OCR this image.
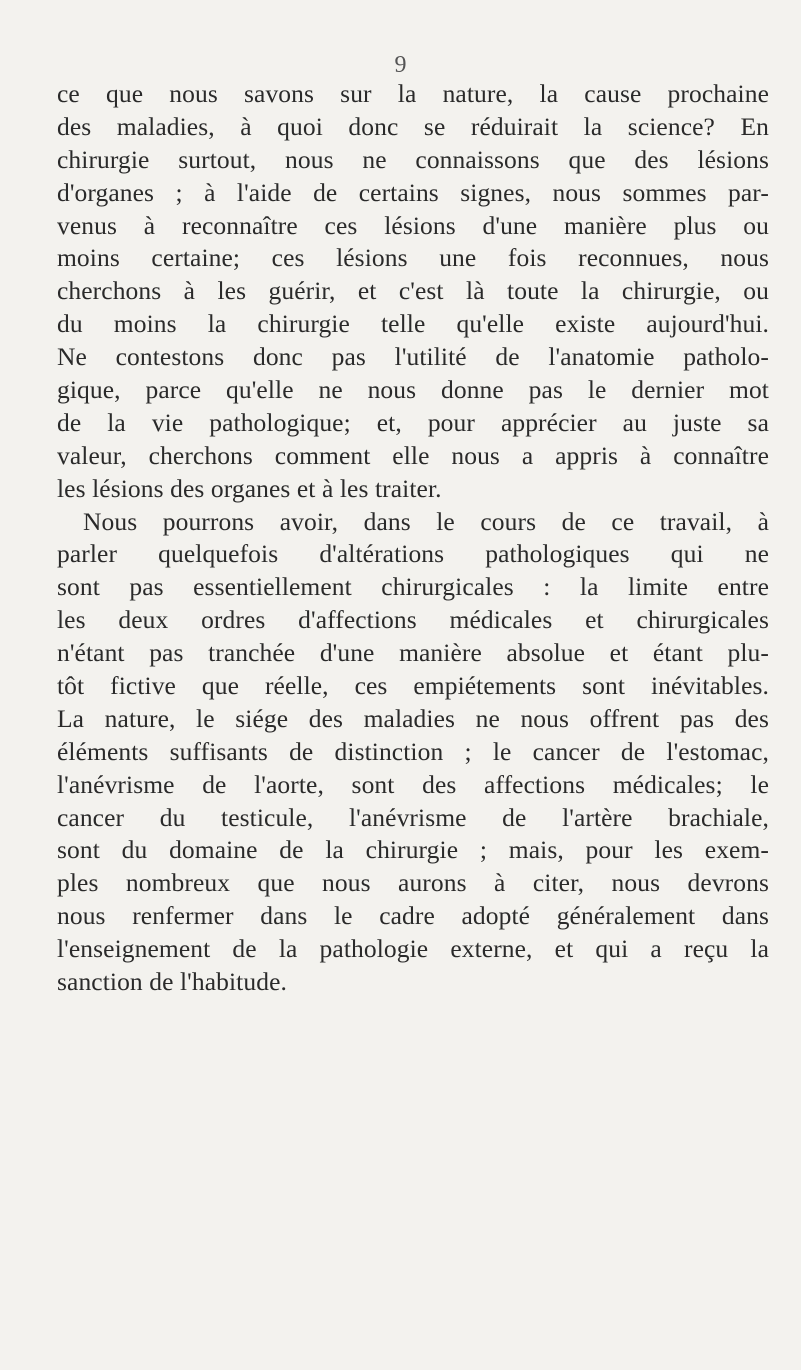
9

ce que nous savons sur la nature, la cause prochaine
des maladies, à quoi donc se réduirait la science? En
chirurgie surtout, nous ne connaissons que des lésions
d'organes ; à l'aide de certains signes, nous sommes par-
venus à reconnaître ces lésions d'une manière plus ou
moins certaine; ces lésions une fois reconnues, nous
cherchons à les guérir, et c'est là toute la chirurgie, ou
du moins la chirurgie telle qu'elle existe aujourd'hui.
Ne contestons donc pas l'utilité de l'anatomie patholo-
gique, parce qu'elle ne nous donne pas le dernier mot
de la vie pathologique; et, pour apprécier au juste sa
valeur, cherchons comment elle nous a appris à connaître
les lésions des organes et à les traiter.
Nous pourrons avoir, dans le cours de ce travail, à
parler quelquefois d'altérations pathologiques qui ne
sont pas essentiellement chirurgicales : la limite entre
les deux ordres d'affections médicales et chirurgicales
n'étant pas tranchée d'une manière absolue et étant plu-
tôt fictive que réelle, ces empiétements sont inévitables.
La nature, le siége des maladies ne nous offrent pas des
éléments suffisants de distinction ; le cancer de l'estomac,
l'anévrisme de l'aorte, sont des affections médicales; le
cancer du testicule, l'anévrisme de l'artère brachiale,
sont du domaine de la chirurgie ; mais, pour les exem-
ples nombreux que nous aurons à citer, nous devrons
nous renfermer dans le cadre adopté généralement dans
l'enseignement de la pathologie externe, et qui a reçu la
sanction de l'habitude.
